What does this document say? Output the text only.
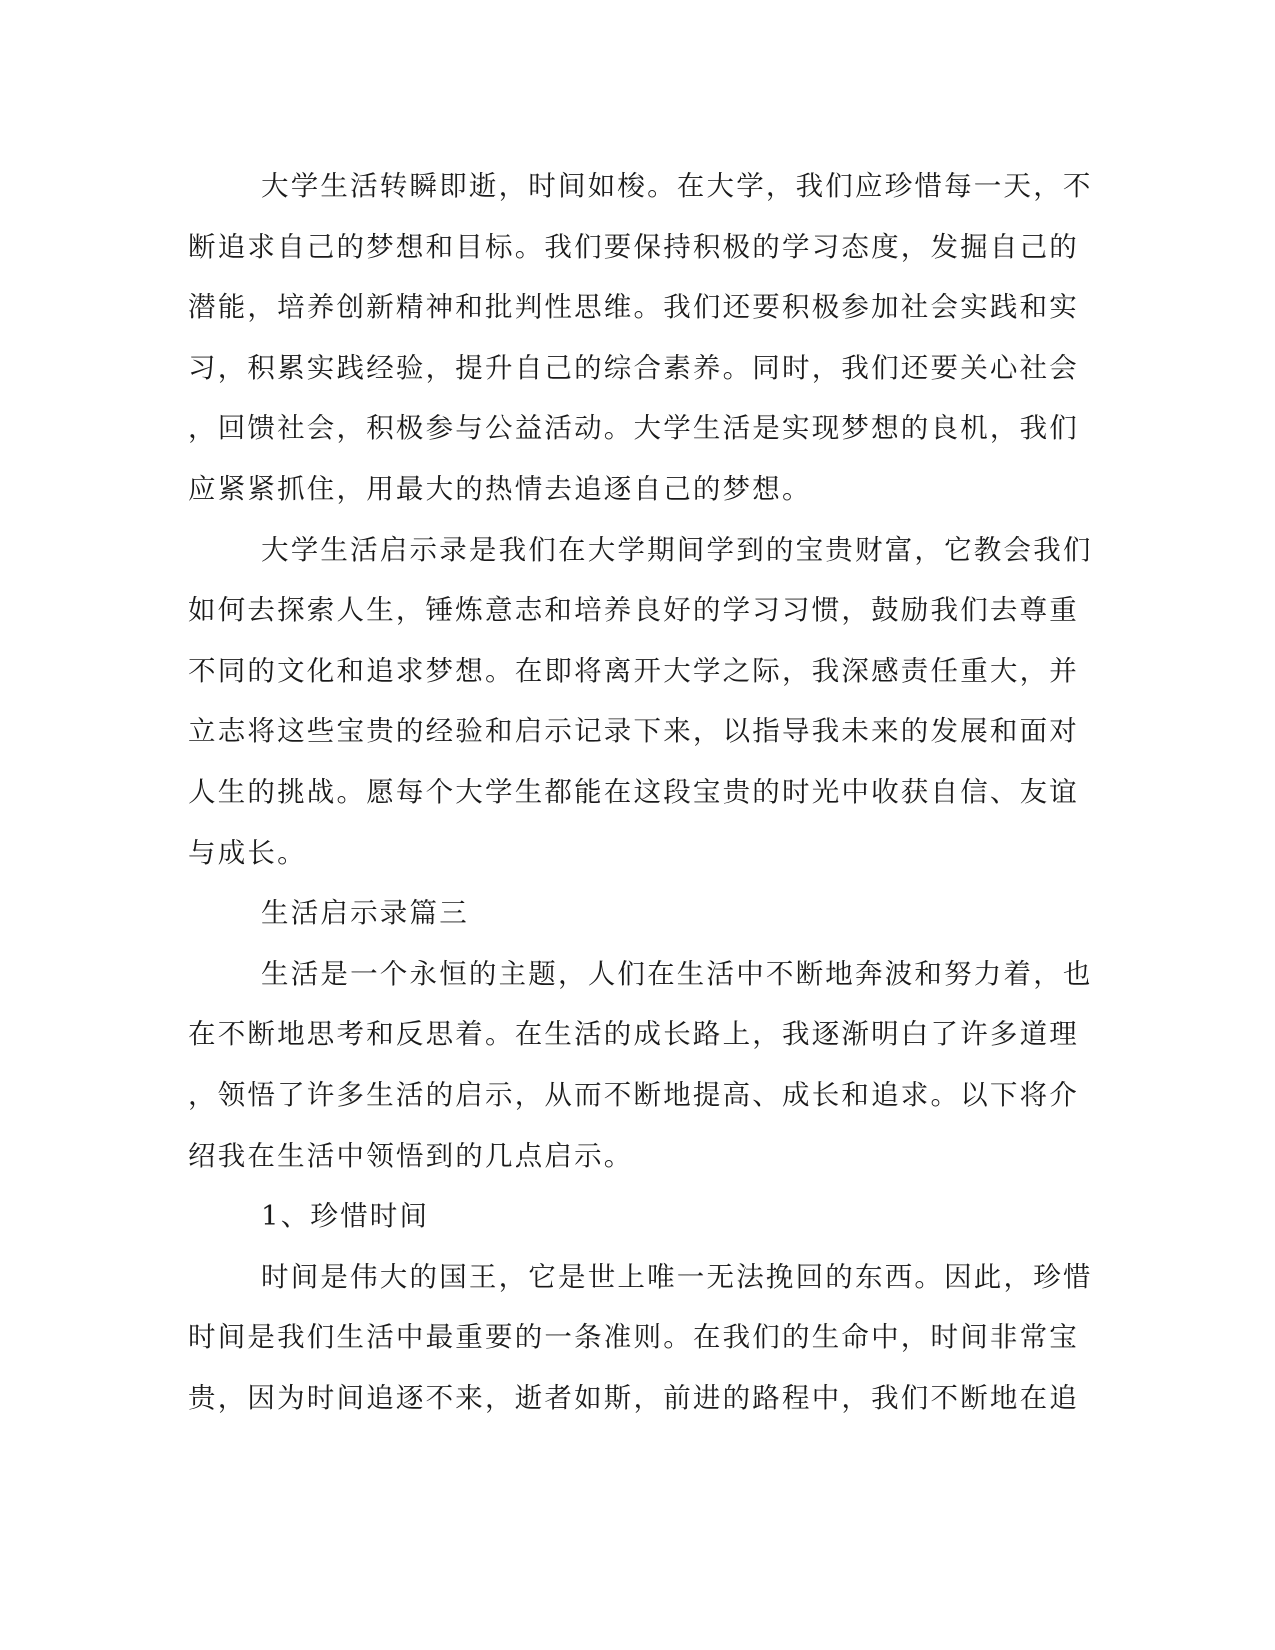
大学生活转瞬即逝，时间如梭。在大学，我们应珍惜每一天，不
断追求自己的梦想和目标。我们要保持积极的学习态度，发掘自己的
潜能，培养创新精神和批判性思维。我们还要积极参加社会实践和实
习，积累实践经验，提升自己的综合素养。同时，我们还要关心社会
，回馈社会，积极参与公益活动。大学生活是实现梦想的良机，我们
应紧紧抓住，用最大的热情去追逐自己的梦想。
大学生活启示录是我们在大学期间学到的宝贵财富，它教会我们
如何去探索人生，锤炼意志和培养良好的学习习惯，鼓励我们去尊重
不同的文化和追求梦想。在即将离开大学之际，我深感责任重大，并
立志将这些宝贵的经验和启示记录下来，以指导我未来的发展和面对
人生的挑战。愿每个大学生都能在这段宝贵的时光中收获自信、友谊
与成长。
生活启示录篇三
生活是一个永恒的主题，人们在生活中不断地奔波和努力着，也
在不断地思考和反思着。在生活的成长路上，我逐渐明白了许多道理
，领悟了许多生活的启示，从而不断地提高、成长和追求。以下将介
绍我在生活中领悟到的几点启示。
1、珍惜时间
时间是伟大的国王，它是世上唯一无法挽回的东西。因此，珍惜
时间是我们生活中最重要的一条准则。在我们的生命中，时间非常宝
贵，因为时间追逐不来，逝者如斯，前进的路程中，我们不断地在追
